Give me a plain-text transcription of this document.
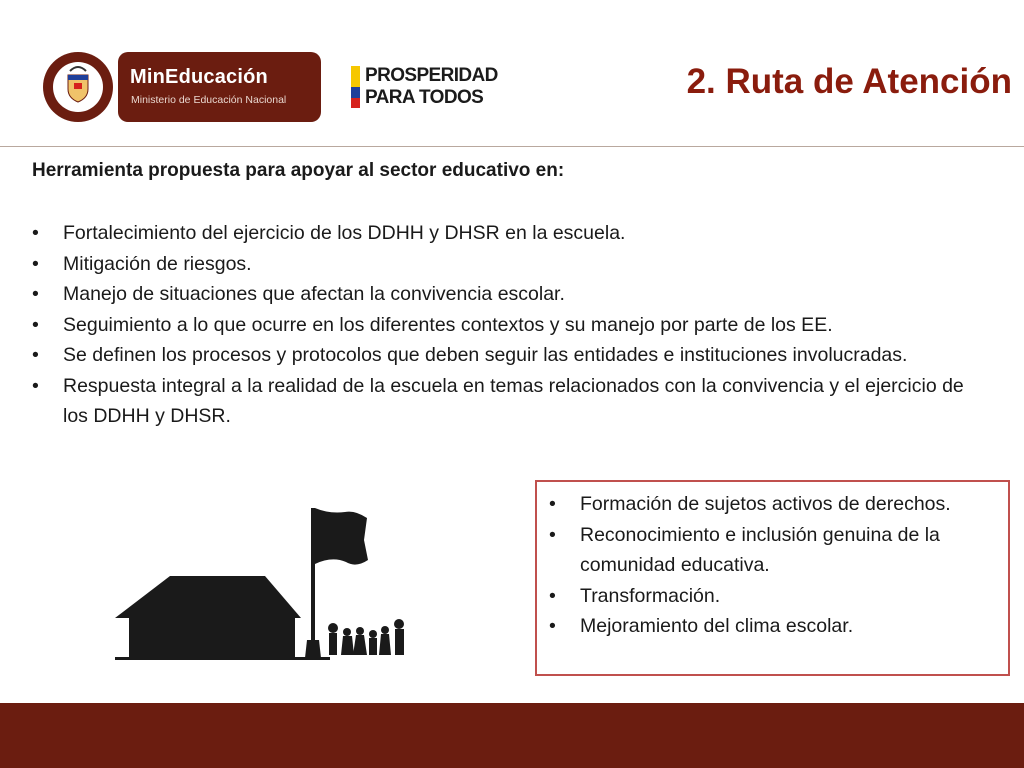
MinEducación
Ministerio de Educación Nacional
PROSPERIDAD
PARA TODOS	2. Ruta de Atención
Herramienta propuesta para apoyar al sector educativo en:
• Fortalecimiento del ejercicio de los DDHH y DHSR en la escuela.
• Mitigación de riesgos.
• Manejo de situaciones que afectan la convivencia escolar.
• Seguimiento a lo que ocurre en los diferentes contextos y su manejo por parte de los EE.
• Se definen los procesos y protocolos que deben seguir las entidades e instituciones involucradas.
• Respuesta integral a la realidad de la escuela en temas relacionados con la convivencia y el ejercicio de los DDHH y DHSR.
• Formación de sujetos activos de derechos.
• Reconocimiento e inclusión genuina de la comunidad educativa.
• Transformación.
• Mejoramiento del clima escolar.
